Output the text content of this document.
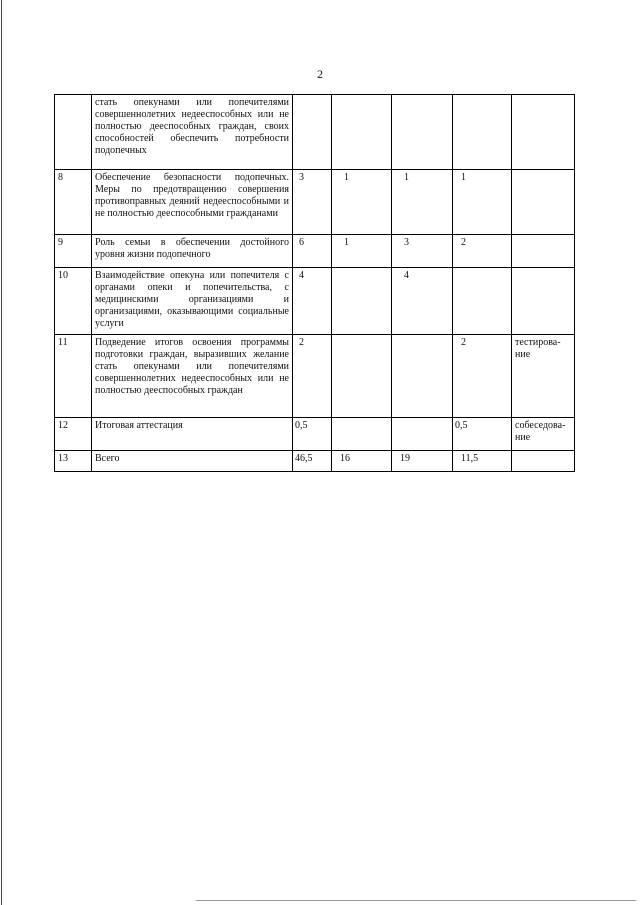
2
	стать опекунами или попечителями совершеннолетних недееспособных или не полностью дееспособных граждан, своих способностей обеспечить потребности подопечных					
8	Обеспечение безопасности подопечных. Меры по предотвращению совершения противоправных деяний недееспособными и не полностью дееспособными гражданами	3	1	1	1	
9	Роль семьи в обеспечении достойного уровня жизни подопечного	6	1	3	2	
10	Взаимодействие опекуна или попечителя с органами опеки и попечительства, с медицинскими организациями и организациями, оказывающими социальные услуги	4		4		
11	Подведение итогов освоения программы подготовки граждан, выразивших желание стать опекунами или попечителями совершеннолетних недееспособных или не полностью дееспособных граждан	2			2	тестирова-ние
12	Итоговая аттестация	0,5			0,5	собеседова-ние
13	Всего	46,5	16	19	11,5	
